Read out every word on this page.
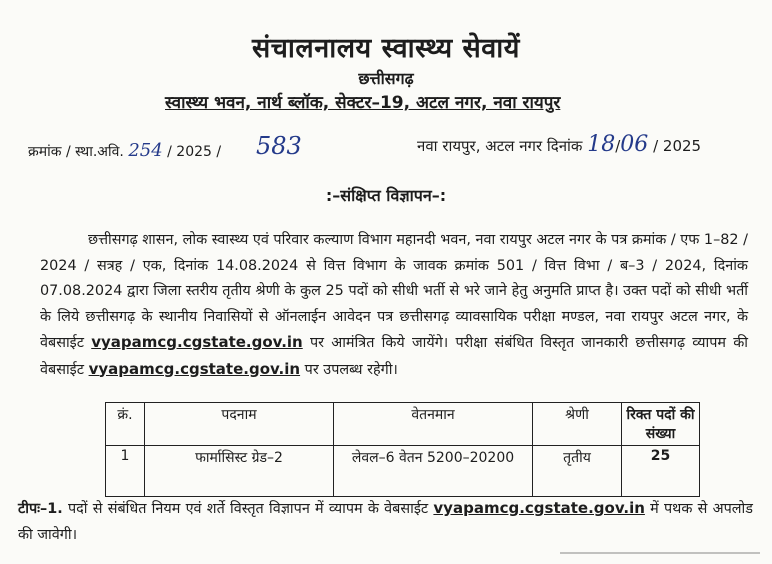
संचालनालय स्वास्थ्य सेवायें
छत्तीसगढ़
स्वास्थ्य भवन, नार्थ ब्लॉक, सेक्टर–19, अटल नगर, नवा रायपुर
क्रमांक / स्था.अवि. 254 / 2025 / 583	नवा रायपुर, अटल नगर दिनांक 18/06 / 2025
:–संक्षिप्त विज्ञापन–:

छत्तीसगढ़ शासन, लोक स्वास्थ्य एवं परिवार कल्याण विभाग महानदी भवन, नवा रायपुर अटल नगर के पत्र क्रमांक / एफ 1–82 / 2024 / सत्रह / एक, दिनांक 14.08.2024 से वित्त विभाग के जावक क्रमांक 501 / वित्त विभा / ब–3 / 2024, दिनांक 07.08.2024 द्वारा जिला स्तरीय तृतीय श्रेणी के कुल 25 पदों को सीधी भर्ती से भरे जाने हेतु अनुमति प्राप्त है। उक्त पदों को सीधी भर्ती के लिये छत्तीसगढ़ के स्थानीय निवासियों से ऑनलाईन आवेदन पत्र छत्तीसगढ़ व्यावसायिक परीक्षा मण्डल, नवा रायपुर अटल नगर, के वेबसाईट vyapamcg.cgstate.gov.in पर आमंत्रित किये जायेंगे। परीक्षा संबंधित विस्तृत जानकारी छत्तीसगढ़ व्यापम की वेबसाईट vyapamcg.cgstate.gov.in पर उपलब्ध रहेगी।

क्रं.	पदनाम	वेतनमान	श्रेणी	रिक्त पदों की संख्या
1	फार्मासिस्ट ग्रेड–2	लेवल–6 वेतन 5200–20200	तृतीय	25
टीपः–1. पदों से संबंधित नियम एवं शर्ते विस्तृत विज्ञापन में व्यापम के वेबसाईट vyapamcg.cgstate.gov.in में पथक से अपलोड की जावेगी।
